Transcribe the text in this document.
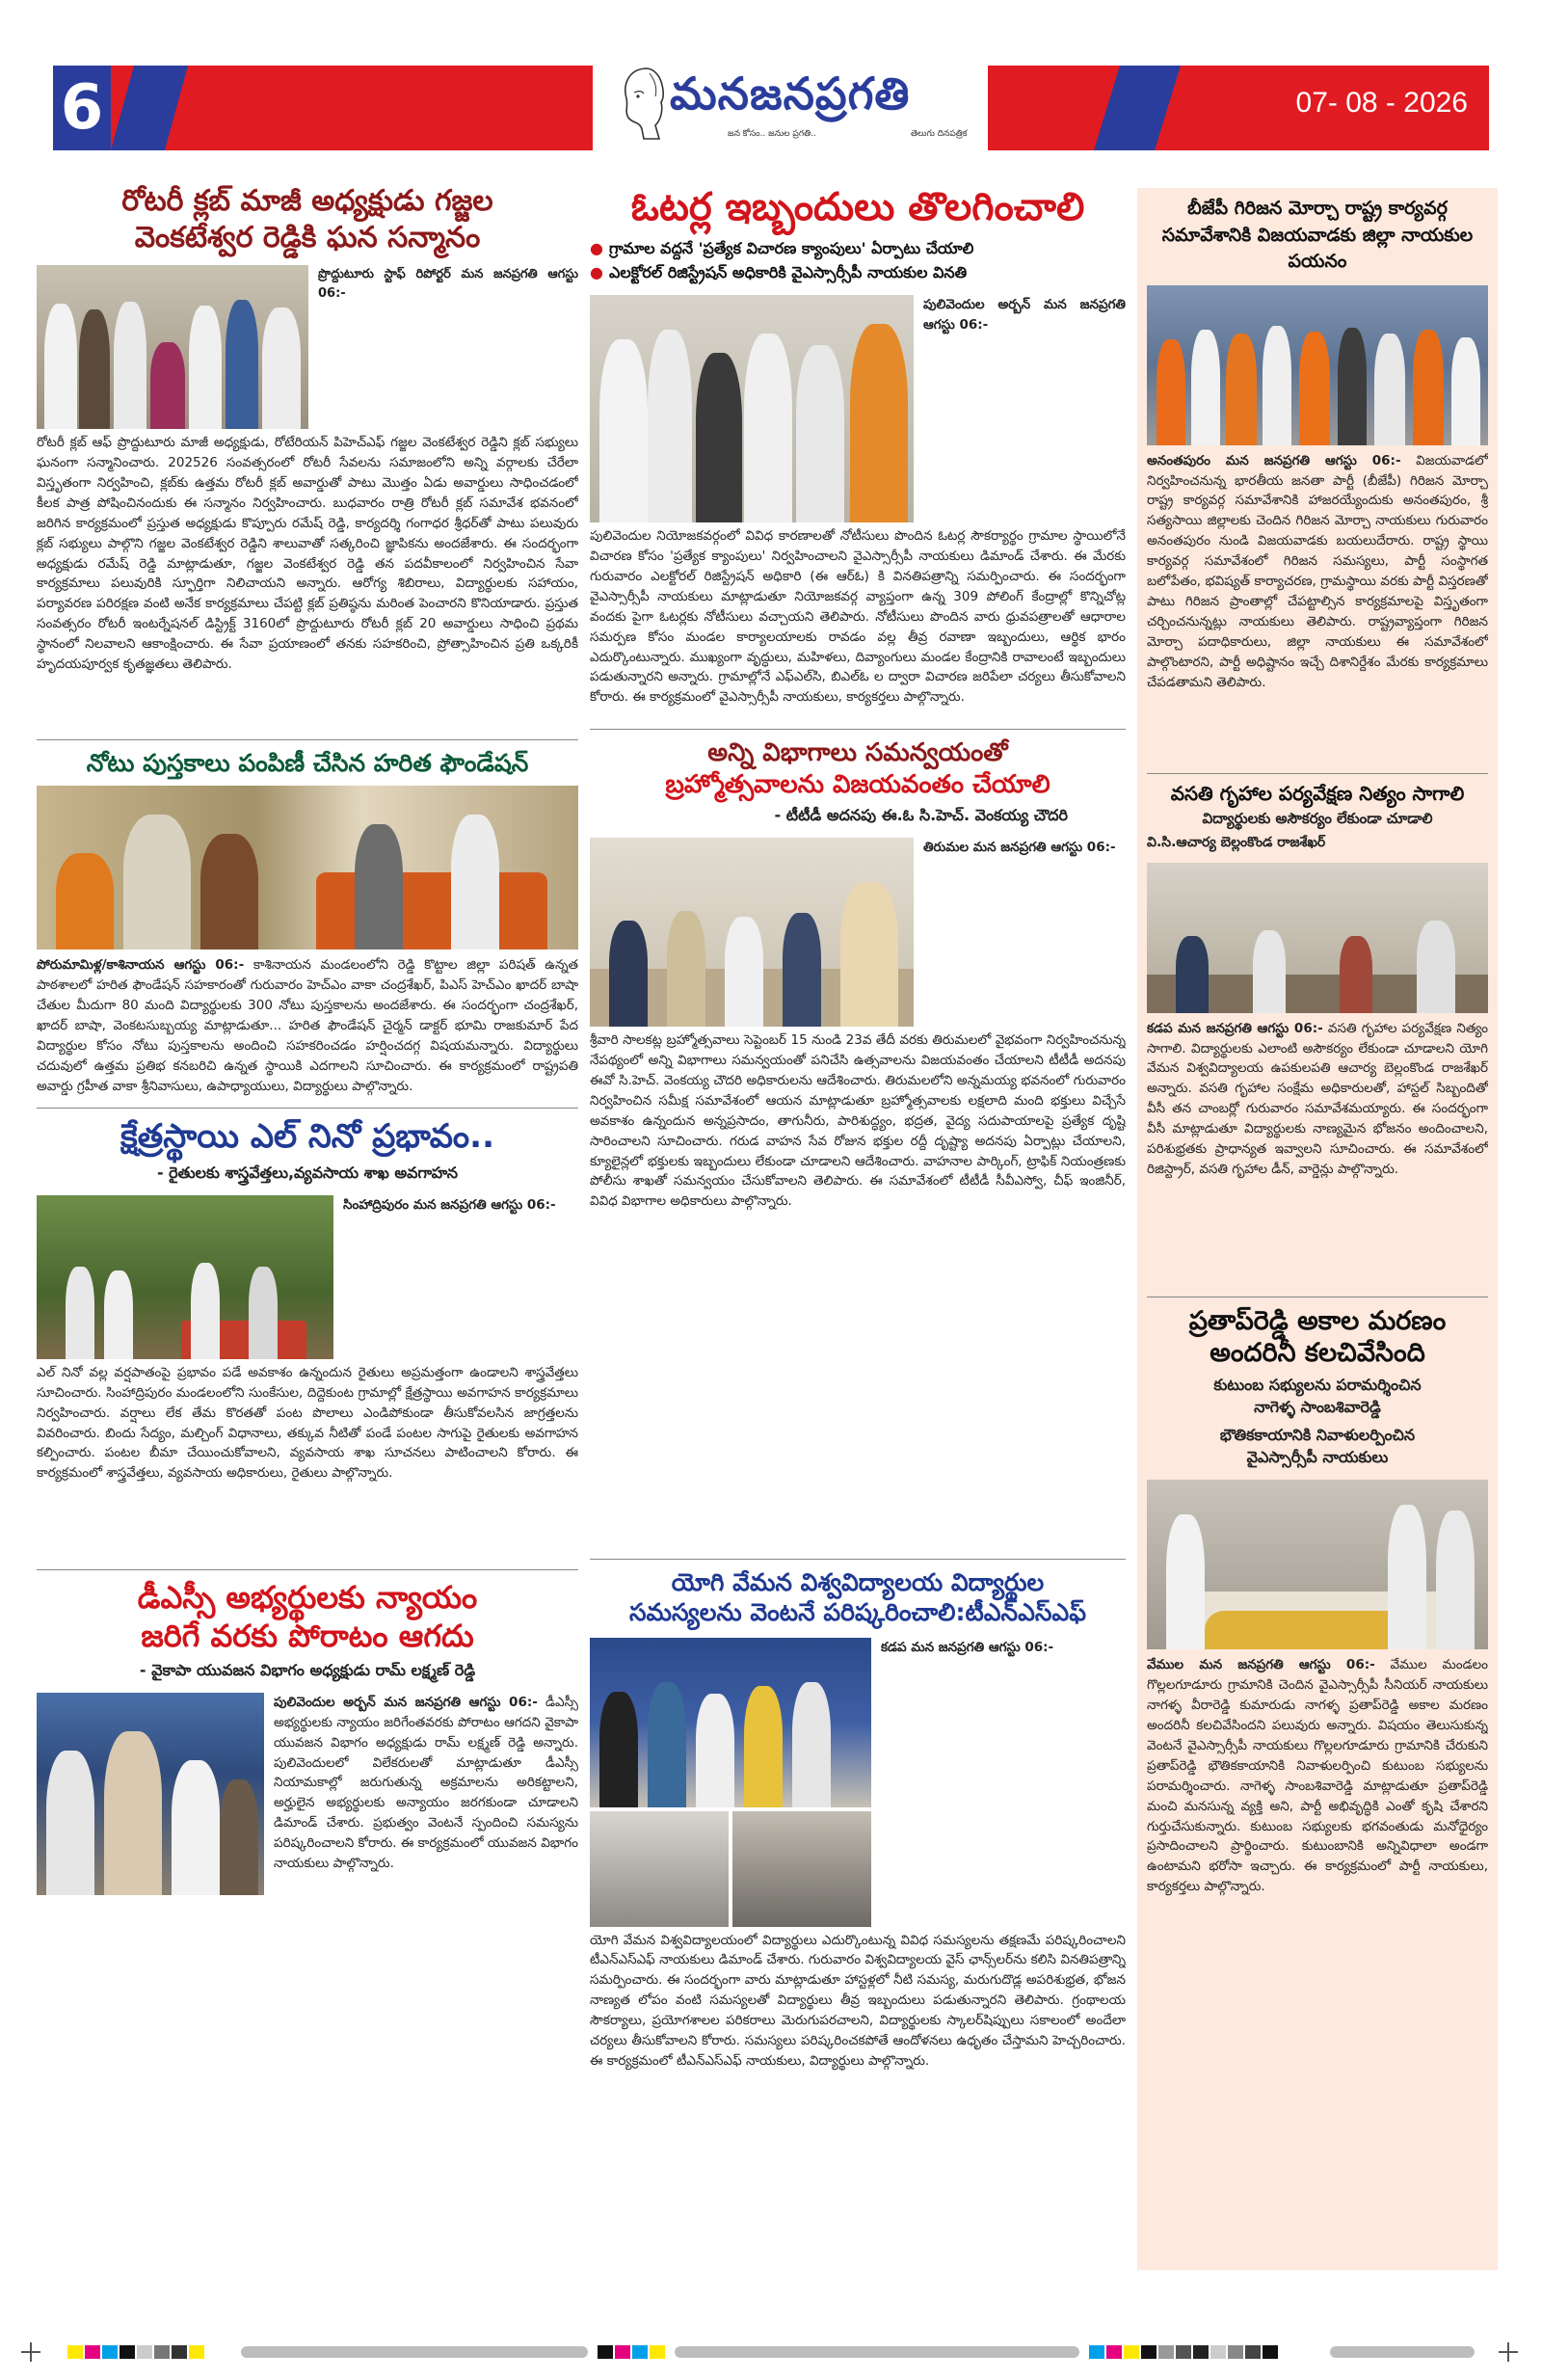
6	మనజనప్రగతి
జన కోసం.. జనుల ప్రగతి..	తెలుగు దినపత్రిక
07- 08 - 2026
రోటరీ క్లబ్ మాజీ అధ్యక్షుడు గజ్జల
వెంకటేశ్వర రెడ్డికి ఘన సన్మానం
ప్రొద్దుటూరు స్టాఫ్ రిపోర్టర్ మన జనప్రగతి ఆగస్టు 06:-
రోటరీ క్లబ్ ఆఫ్ ప్రొద్దుటూరు మాజీ అధ్యక్షుడు, రోటేరియన్ పిహెచ్ఎఫ్ గజ్జల వెంకటేశ్వర రెడ్డిని క్లబ్ సభ్యులు ఘనంగా సన్మానించారు. 202526 సంవత్సరంలో రోటరీ సేవలను సమాజంలోని అన్ని వర్గాలకు చేరేలా విస్తృతంగా నిర్వహించి, క్లబ్‌కు ఉత్తమ రోటరీ క్లబ్ అవార్డుతో పాటు మొత్తం ఏడు అవార్డులు సాధించడంలో కీలక పాత్ర పోషించినందుకు ఈ సన్మానం నిర్వహించారు. బుధవారం రాత్రి రోటరీ క్లబ్ సమావేశ భవనంలో జరిగిన కార్యక్రమంలో ప్రస్తుత అధ్యక్షుడు కొప్పూరు రమేష్ రెడ్డి, కార్యదర్శి గంగాధర శ్రీధర్‌తో పాటు పలువురు క్లబ్ సభ్యులు పాల్గొని గజ్జల వెంకటేశ్వర రెడ్డిని శాలువాతో సత్కరించి జ్ఞాపికను అందజేశారు. ఈ సందర్భంగా అధ్యక్షుడు రమేష్ రెడ్డి మాట్లాడుతూ, గజ్జల వెంకటేశ్వర రెడ్డి తన పదవీకాలంలో నిర్వహించిన సేవా కార్యక్రమాలు పలువురికి స్ఫూర్తిగా నిలిచాయని అన్నారు. ఆరోగ్య శిబిరాలు, విద్యార్థులకు సహాయం, పర్యావరణ పరిరక్షణ వంటి అనేక కార్యక్రమాలు చేపట్టి క్లబ్ ప్రతిష్ఠను మరింత పెంచారని కొనియాడారు. ప్రస్తుత సంవత్సరం రోటరీ ఇంటర్నేషనల్ డిస్ట్రిక్ట్ 3160లో ప్రొద్దుటూరు రోటరీ క్లబ్ 20 అవార్డులు సాధించి ప్రథమ స్థానంలో నిలవాలని ఆకాంక్షించారు. ఈ సేవా ప్రయాణంలో తనకు సహకరించి, ప్రోత్సాహించిన ప్రతి ఒక్కరికీ హృదయపూర్వక కృతజ్ఞతలు తెలిపారు.
నోటు పుస్తకాలు పంపిణీ చేసిన హరిత ఫౌండేషన్
పోరుమామిళ్ల/కాశినాయన ఆగస్టు 06:- కాశినాయన మండలంలోని రెడ్డి కొట్టాల జిల్లా పరిషత్ ఉన్నత పాఠశాలలో హరిత ఫౌండేషన్ సహకారంతో గురువారం హెచ్ఎం వాకా చంద్రశేఖర్, పిఎస్ హెచ్ఎం ఖాదర్ బాషా చేతుల మీదుగా 80 మంది విద్యార్థులకు 300 నోటు పుస్తకాలను అందజేశారు. ఈ సందర్భంగా చంద్రశేఖర్, ఖాదర్ బాషా, వెంకటసుబ్బయ్య మాట్లాడుతూ... హరిత ఫౌండేషన్ చైర్మన్ డాక్టర్ భూమి రాజకుమార్ పేద విద్యార్థుల కోసం నోటు పుస్తకాలను అందించి సహకరించడం హర్షించదగ్గ విషయమన్నారు. విద్యార్థులు చదువులో ఉత్తమ ప్రతిభ కనబరిచి ఉన్నత స్థాయికి ఎదగాలని సూచించారు. ఈ కార్యక్రమంలో రాష్ట్రపతి అవార్డు గ్రహీత వాకా శ్రీనివాసులు, ఉపాధ్యాయులు, విద్యార్థులు పాల్గొన్నారు.
క్షేత్రస్థాయి ఎల్ నినో ప్రభావం..
- రైతులకు శాస్త్రవేత్తలు,వ్యవసాయ శాఖ అవగాహన
సింహాద్రిపురం మన జనప్రగతి ఆగస్టు 06:-
ఎల్ నినో వల్ల వర్షపాతంపై ప్రభావం పడే అవకాశం ఉన్నందున రైతులు అప్రమత్తంగా ఉండాలని శాస్త్రవేత్తలు సూచించారు. సింహాద్రిపురం మండలంలోని సుంకేసుల, దిద్దెకుంట గ్రామాల్లో క్షేత్రస్థాయి అవగాహన కార్యక్రమాలు నిర్వహించారు. వర్షాలు లేక తేమ కొరతతో పంట పొలాలు ఎండిపోకుండా తీసుకోవలసిన జాగ్రత్తలను వివరించారు. బిందు సేద్యం, మల్చింగ్ విధానాలు, తక్కువ నీటితో పండే పంటల సాగుపై రైతులకు అవగాహన కల్పించారు. పంటల బీమా చేయించుకోవాలని, వ్యవసాయ శాఖ సూచనలు పాటించాలని కోరారు. ఈ కార్యక్రమంలో శాస్త్రవేత్తలు, వ్యవసాయ అధికారులు, రైతులు పాల్గొన్నారు.
డీఎస్సీ అభ్యర్థులకు న్యాయం
జరిగే వరకు పోరాటం ఆగదు
- వైకాపా యువజన విభాగం అధ్యక్షుడు రామ్ లక్ష్మణ్ రెడ్డి
పులివెందుల అర్బన్ మన జనప్రగతి ఆగస్టు 06:- డీఎస్సీ అభ్యర్థులకు న్యాయం జరిగేంతవరకు పోరాటం ఆగదని వైకాపా యువజన విభాగం అధ్యక్షుడు రామ్ లక్ష్మణ్ రెడ్డి అన్నారు. పులివెందులలో విలేకరులతో మాట్లాడుతూ డీఎస్సీ నియామకాల్లో జరుగుతున్న అక్రమాలను అరికట్టాలని, అర్హులైన అభ్యర్థులకు అన్యాయం జరగకుండా చూడాలని డిమాండ్ చేశారు. ప్రభుత్వం వెంటనే స్పందించి సమస్యను పరిష్కరించాలని కోరారు. ఈ కార్యక్రమంలో యువజన విభాగం నాయకులు పాల్గొన్నారు.
ఓటర్ల ఇబ్బందులు తొలగించాలి
● గ్రామాల వద్దనే 'ప్రత్యేక విచారణ క్యాంపులు' ఏర్పాటు చేయాలి
● ఎలక్టోరల్ రిజిస్ట్రేషన్ అధికారికి వైఎస్సార్సీపీ నాయకుల వినతి
పులివెందుల అర్బన్ మన జనప్రగతి ఆగస్టు 06:-
పులివెందుల నియోజకవర్గంలో వివిధ కారణాలతో నోటీసులు పొందిన ఓటర్ల సౌకర్యార్థం గ్రామాల స్థాయిలోనే విచారణ కోసం 'ప్రత్యేక క్యాంపులు' నిర్వహించాలని వైఎస్సార్సీపీ నాయకులు డిమాండ్ చేశారు. ఈ మేరకు గురువారం ఎలక్టోరల్ రిజిస్ట్రేషన్ అధికారి (ఈ ఆర్ఓ) కి వినతిపత్రాన్ని సమర్పించారు. ఈ సందర్భంగా వైఎస్సార్సీపీ నాయకులు మాట్లాడుతూ నియోజకవర్గ వ్యాప్తంగా ఉన్న 309 పోలింగ్ కేంద్రాల్లో కొన్నిచోట్ల వందకు పైగా ఓటర్లకు నోటీసులు వచ్చాయని తెలిపారు. నోటీసులు పొందిన వారు ధ్రువపత్రాలతో ఆధారాల సమర్పణ కోసం మండల కార్యాలయాలకు రావడం వల్ల తీవ్ర రవాణా ఇబ్బందులు, ఆర్థిక భారం ఎదుర్కొంటున్నారు. ముఖ్యంగా వృద్ధులు, మహిళలు, దివ్యాంగులు మండల కేంద్రానికి రావాలంటే ఇబ్బందులు పడుతున్నారని అన్నారు. గ్రామాల్లోనే ఎఫ్ఎల్‌సి, బిఎల్ఓ ల ద్వారా విచారణ జరిపేలా చర్యలు తీసుకోవాలని కోరారు. ఈ కార్యక్రమంలో వైఎస్సార్సీపీ నాయకులు, కార్యకర్తలు పాల్గొన్నారు.
అన్ని విభాగాలు సమన్వయంతో
బ్రహ్మోత్సవాలను విజయవంతం చేయాలి
- టీటీడీ అదనపు ఈ.ఓ సి.హెచ్. వెంకయ్య చౌదరి
తిరుమల మన జనప్రగతి ఆగస్టు 06:-
శ్రీవారి సాలకట్ల బ్రహ్మోత్సవాలు సెప్టెంబర్ 15 నుండి 23వ తేదీ వరకు తిరుమలలో వైభవంగా నిర్వహించనున్న నేపథ్యంలో అన్ని విభాగాలు సమన్వయంతో పనిచేసి ఉత్సవాలను విజయవంతం చేయాలని టీటీడీ అదనపు ఈవో సి.హెచ్. వెంకయ్య చౌదరి అధికారులను ఆదేశించారు. తిరుమలలోని అన్నమయ్య భవనంలో గురువారం నిర్వహించిన సమీక్ష సమావేశంలో ఆయన మాట్లాడుతూ బ్రహ్మోత్సవాలకు లక్షలాది మంది భక్తులు విచ్చేసే అవకాశం ఉన్నందున అన్నప్రసాదం, తాగునీరు, పారిశుద్ధ్యం, భద్రత, వైద్య సదుపాయాలపై ప్రత్యేక దృష్టి సారించాలని సూచించారు. గరుడ వాహన సేవ రోజున భక్తుల రద్దీ దృష్ట్యా అదనపు ఏర్పాట్లు చేయాలని, క్యూలైన్లలో భక్తులకు ఇబ్బందులు లేకుండా చూడాలని ఆదేశించారు. వాహనాల పార్కింగ్, ట్రాఫిక్ నియంత్రణకు పోలీసు శాఖతో సమన్వయం చేసుకోవాలని తెలిపారు. ఈ సమావేశంలో టీటీడీ సీవీఎస్వో, చీఫ్ ఇంజినీర్, వివిధ విభాగాల అధికారులు పాల్గొన్నారు.
యోగి వేమన విశ్వవిద్యాలయ విద్యార్థుల
సమస్యలను వెంటనే పరిష్కరించాలి:టీఎన్ఎస్ఎఫ్
కడప మన జనప్రగతి ఆగస్టు 06:-
యోగి వేమన విశ్వవిద్యాలయంలో విద్యార్థులు ఎదుర్కొంటున్న వివిధ సమస్యలను తక్షణమే పరిష్కరించాలని టీఎన్ఎస్ఎఫ్ నాయకులు డిమాండ్ చేశారు. గురువారం విశ్వవిద్యాలయ వైస్ ఛాన్స్‌లర్‌ను కలిసి వినతిపత్రాన్ని సమర్పించారు. ఈ సందర్భంగా వారు మాట్లాడుతూ హాస్టళ్లలో నీటి సమస్య, మరుగుదొడ్ల అపరిశుభ్రత, భోజన నాణ్యత లోపం వంటి సమస్యలతో విద్యార్థులు తీవ్ర ఇబ్బందులు పడుతున్నారని తెలిపారు. గ్రంథాలయ సౌకర్యాలు, ప్రయోగశాలల పరికరాలు మెరుగుపరచాలని, విద్యార్థులకు స్కాలర్‌షిప్పులు సకాలంలో అందేలా చర్యలు తీసుకోవాలని కోరారు. సమస్యలు పరిష్కరించకపోతే ఆందోళనలు ఉధృతం చేస్తామని హెచ్చరించారు. ఈ కార్యక్రమంలో టీఎన్ఎస్ఎఫ్ నాయకులు, విద్యార్థులు పాల్గొన్నారు.
బీజేపీ గిరిజన మోర్చా రాష్ట్ర కార్యవర్గ సమావేశానికి విజయవాడకు జిల్లా నాయకుల పయనం
అనంతపురం మన జనప్రగతి ఆగస్టు 06:- విజయవాడలో నిర్వహించనున్న భారతీయ జనతా పార్టీ (బీజేపీ) గిరిజన మోర్చా రాష్ట్ర కార్యవర్గ సమావేశానికి హాజరయ్యేందుకు అనంతపురం, శ్రీ సత్యసాయి జిల్లాలకు చెందిన గిరిజన మోర్చా నాయకులు గురువారం అనంతపురం నుండి విజయవాడకు బయలుదేరారు. రాష్ట్ర స్థాయి కార్యవర్గ సమావేశంలో గిరిజన సమస్యలు, పార్టీ సంస్థాగత బలోపేతం, భవిష్యత్ కార్యాచరణ, గ్రామస్థాయి వరకు పార్టీ విస్తరణతో పాటు గిరిజన ప్రాంతాల్లో చేపట్టాల్సిన కార్యక్రమాలపై విస్తృతంగా చర్చించనున్నట్లు నాయకులు తెలిపారు. రాష్ట్రవ్యాప్తంగా గిరిజన మోర్చా పదాధికారులు, జిల్లా నాయకులు ఈ సమావేశంలో పాల్గొంటారని, పార్టీ అధిష్టానం ఇచ్చే దిశానిర్దేశం మేరకు కార్యక్రమాలు చేపడతామని తెలిపారు.
వసతి గృహాల పర్యవేక్షణ నిత్యం సాగాలి
విద్యార్థులకు అసౌకర్యం లేకుండా చూడాలి
వి.సి.ఆచార్య బెల్లంకొండ రాజశేఖర్
కడప మన జనప్రగతి ఆగస్టు 06:- వసతి గృహాల పర్యవేక్షణ నిత్యం సాగాలి. విద్యార్థులకు ఎలాంటి అసౌకర్యం లేకుండా చూడాలని యోగి వేమన విశ్వవిద్యాలయ ఉపకులపతి ఆచార్య బెల్లంకొండ రాజశేఖర్ అన్నారు. వసతి గృహాల సంక్షేమ అధికారులతో, హాస్టల్ సిబ్బందితో వీసీ తన చాంబర్లో గురువారం సమావేశమయ్యారు. ఈ సందర్భంగా వీసీ మాట్లాడుతూ విద్యార్థులకు నాణ్యమైన భోజనం అందించాలని, పరిశుభ్రతకు ప్రాధాన్యత ఇవ్వాలని సూచించారు. ఈ సమావేశంలో రిజిస్ట్రార్, వసతి గృహాల డీన్, వార్డెన్లు పాల్గొన్నారు.
ప్రతాప్‌రెడ్డి అకాల మరణం
అందరినీ కలచివేసింది
కుటుంబ సభ్యులను పరామర్శించిన
నాగెళ్ళ సాంబశివారెడ్డి
భౌతికకాయానికి నివాళులర్పించిన
వైఎస్సార్సీపీ నాయకులు
వేముల మన జనప్రగతి ఆగస్టు 06:- వేముల మండలం గొల్లలగూడూరు గ్రామానికి చెందిన వైఎస్సార్సీపీ సీనియర్ నాయకులు నాగళ్ళ వీరారెడ్డి కుమారుడు నాగళ్ళ ప్రతాప్‌రెడ్డి అకాల మరణం అందరినీ కలచివేసిందని పలువురు అన్నారు. విషయం తెలుసుకున్న వెంటనే వైఎస్సార్సీపీ నాయకులు గొల్లలగూడూరు గ్రామానికి చేరుకుని ప్రతాప్‌రెడ్డి భౌతికకాయానికి నివాళులర్పించి కుటుంబ సభ్యులను పరామర్శించారు. నాగెళ్ళ సాంబశివారెడ్డి మాట్లాడుతూ ప్రతాప్‌రెడ్డి మంచి మనసున్న వ్యక్తి అని, పార్టీ అభివృద్ధికి ఎంతో కృషి చేశారని గుర్తుచేసుకున్నారు. కుటుంబ సభ్యులకు భగవంతుడు మనోధైర్యం ప్రసాదించాలని ప్రార్థించారు. కుటుంబానికి అన్నివిధాలా అండగా ఉంటామని భరోసా ఇచ్చారు. ఈ కార్యక్రమంలో పార్టీ నాయకులు, కార్యకర్తలు పాల్గొన్నారు.
